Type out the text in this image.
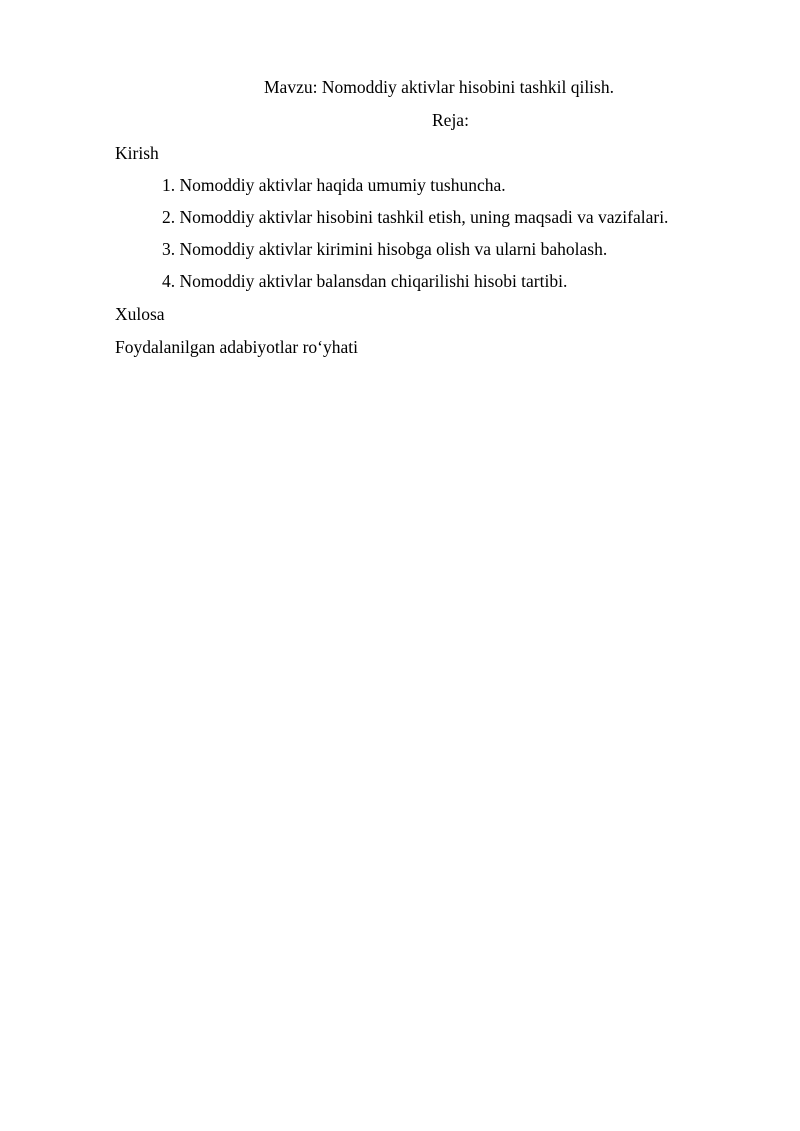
Mavzu: Nomoddiy aktivlar hisobini tashkil qilish.
Reja:
Kirish
1. Nomoddiy aktivlar haqida umumiy tushuncha.
2. Nomoddiy aktivlar hisobini tashkil etish, uning maqsadi va vazifalari.
3. Nomoddiy aktivlar kirimini hisobga olish va ularni baholash.
4. Nomoddiy aktivlar balansdan chiqarilishi hisobi tartibi.
Xulosa
Foydalanilgan adabiyotlar ro‘yhati
